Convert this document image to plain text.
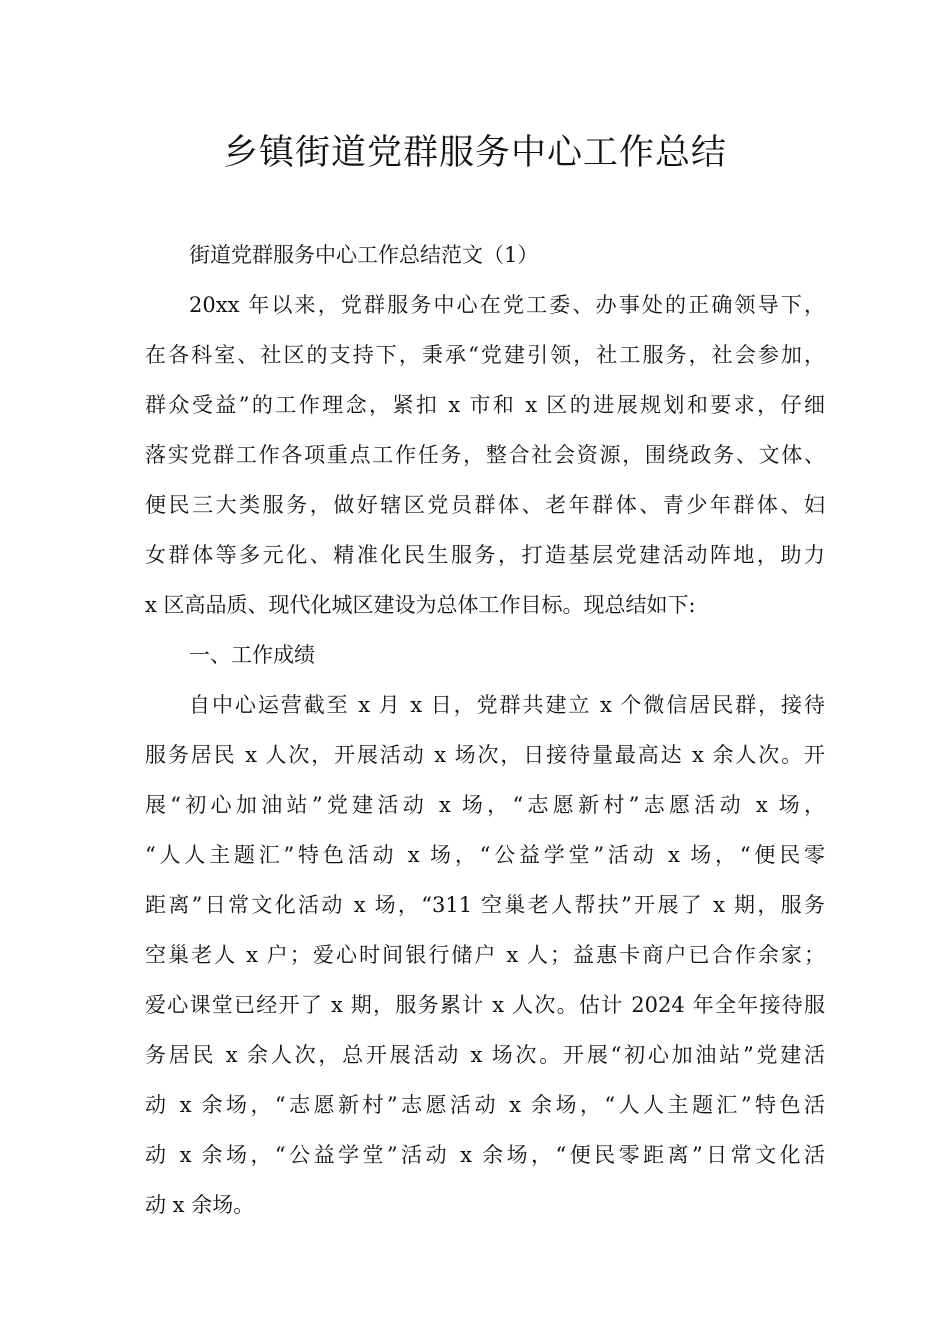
乡镇街道党群服务中心工作总结
街道党群服务中心工作总结范文（1）
20xx 年以来，党群服务中心在党工委、办事处的正确领导下，
在各科室、社区的支持下，秉承“党建引领，社工服务，社会参加，
群众受益”的工作理念，紧扣 x 市和 x 区的进展规划和要求，仔细
落实党群工作各项重点工作任务，整合社会资源，围绕政务、文体、
便民三大类服务，做好辖区党员群体、老年群体、青少年群体、妇
女群体等多元化、精准化民生服务，打造基层党建活动阵地，助力
x 区高品质、现代化城区建设为总体工作目标。现总结如下:
一、工作成绩
自中心运营截至 x 月 x 日，党群共建立 x 个微信居民群，接待
服务居民 x 人次，开展活动 x 场次，日接待量最高达 x 余人次。开
展“初心加油站”党建活动 x 场，“志愿新村”志愿活动 x 场，
“人人主题汇”特色活动 x 场，“公益学堂”活动 x 场，“便民零
距离”日常文化活动 x 场，“311 空巢老人帮扶”开展了 x 期，服务
空巢老人 x 户；爱心时间银行储户 x 人；益惠卡商户已合作余家；
爱心课堂已经开了 x 期，服务累计 x 人次。估计 2024 年全年接待服
务居民 x 余人次，总开展活动 x 场次。开展“初心加油站”党建活
动 x 余场，“志愿新村”志愿活动 x 余场，“人人主题汇”特色活
动 x 余场，“公益学堂”活动 x 余场，“便民零距离”日常文化活
动 x 余场。
